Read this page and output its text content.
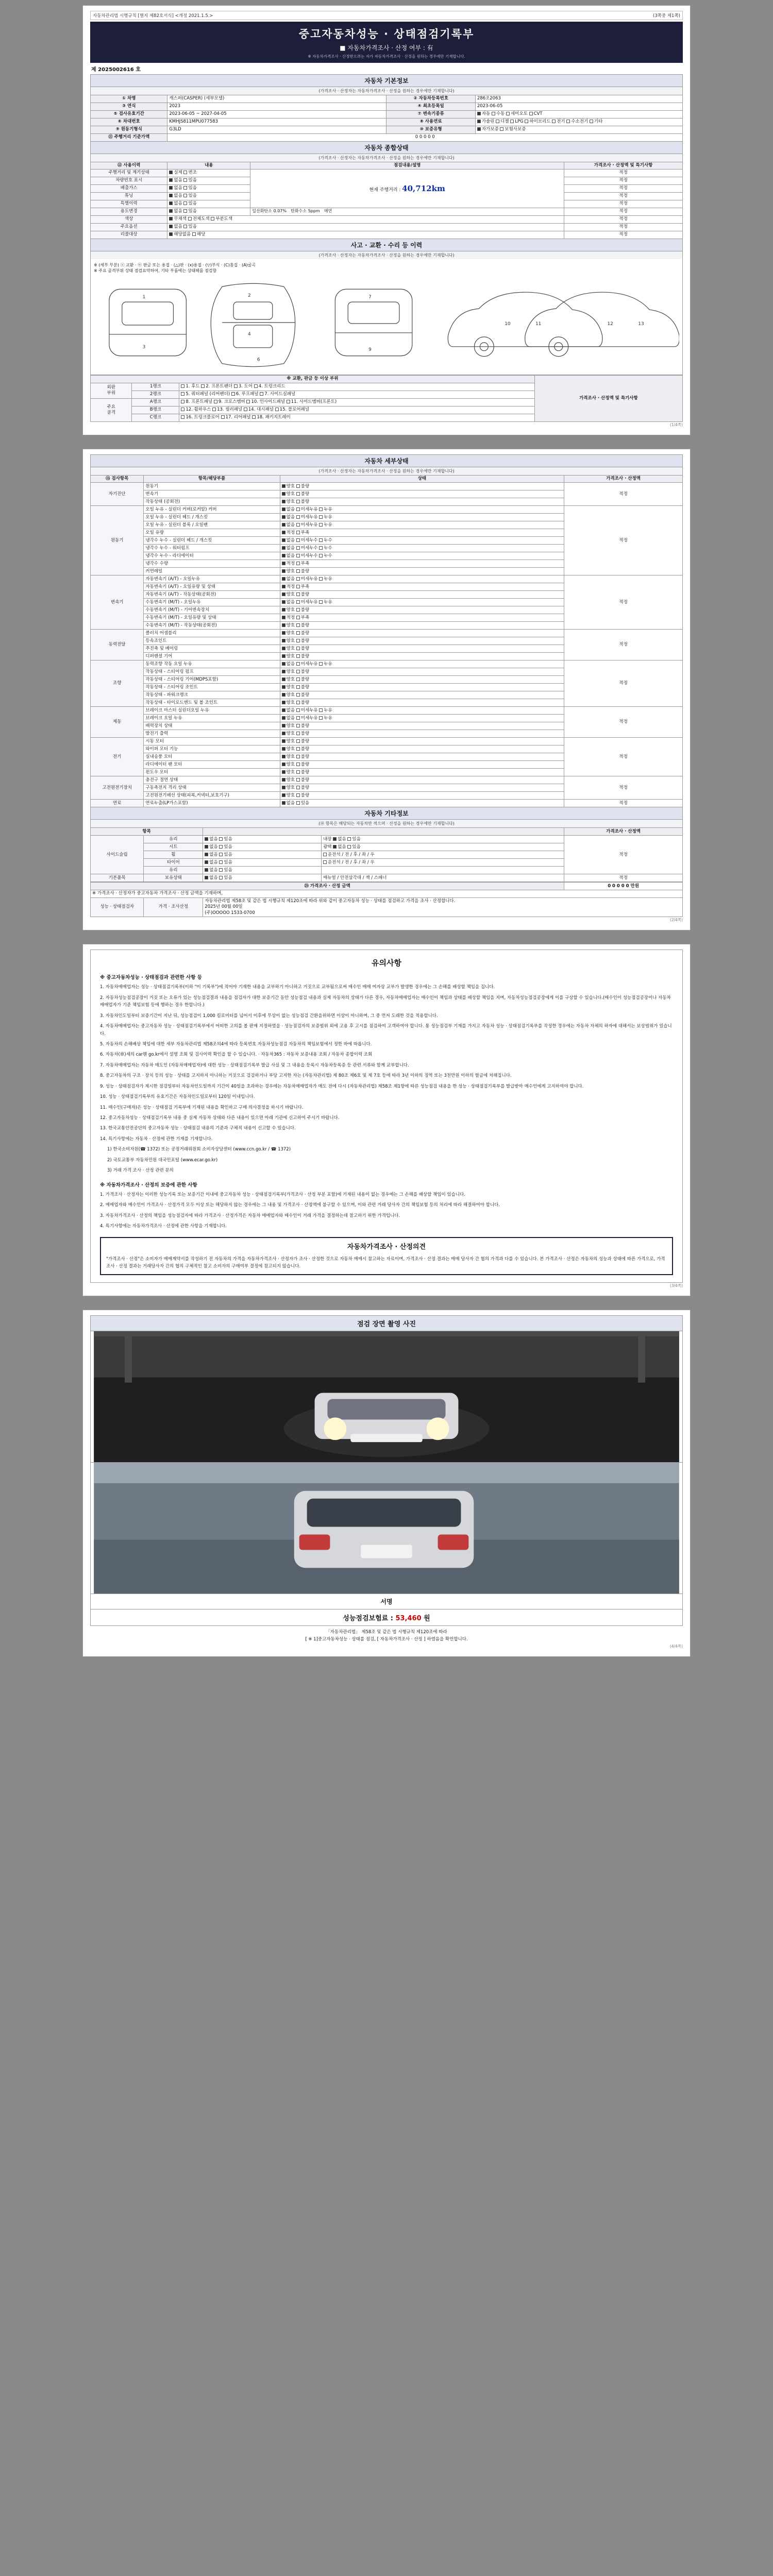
자동차관리법 시행규칙 [별지 제82호서식] <개정 2021.1.5.>	(3쪽중 제1쪽)
중고자동차성능 · 상태점검기록부
■ 자동차가격조사 · 산정 여부 : 有
※ 자동차가격조사 · 산정받으려는 자가 자동차가격조사 · 산정을 원하는 경우에만 기재합니다.
제 2025002616 호
자동차 기본정보
(가격조사 · 산정자는 자동차가격조사 · 산정을 원하는 경우에만 기재합니다)
① 차명	캐스퍼(CASPER) (세부모델)	② 자동차등록번호	286조2063
③ 연식	2023	④ 최초등록일	2023-06-05
⑤ 검사유효기간	2023-06-05 ~ 2027-04-05	⑦ 변속기종류	자동 수동 세미오토 CVT
⑥ 차대번호	KMHJS811MPU077583	⑧ 사용연료	가솔린 디젤 LPG 하이브리드 전기 수소전기 기타
⑨ 원동기형식	G3LD	⑩ 보증유형	자가보증 보험사보증
⑪ 주행거리 기준가액	0 0 0 0 0		
자동차 종합상태
(가격조사 · 산정자는 자동차가격조사 · 산정을 원하는 경우에만 기재합니다)
⑫ 사용이력	내용	점검내용/설명	가격조사 · 산정액 및 특기사항
주행거리 및 계기상태	실제 변조	현재 주행거리 : 40,712km	적정
차량번호 표시	없음 있음		적정
배출가스	없음 있음		적정
튜닝	없음 있음		적정
특별이력	없음 있음		적정
용도변경	없음 있음	일산화탄소 0.07% 탄화수소 5ppm 매연	적정
색상	무채색 전체도색 부분도색		적정
주요옵션	없음 있음		적정
리콜대상	해당없음 해당		적정
사고 · 교환 · 수리 등 이력
(가격조사 · 산정자는 자동차가격조사 · 산정을 원하는 경우에만 기재합니다)
※ (세부 부분) ⓧ 교환 · ⓦ 판금 또는 용접 · (△)판 · (x)용접 · (▽)부식 · (C)흠집 · (A)굴곡
※ 주요 골격부위 상태 점검요약하여, 기타 부품에는 상태해를 점검함
1
3
2
4
6
7
9
10	11	12	13
※ 교환, 판금 등 이상 부위			가격조사 · 산정액 및 특기사항
외판
부위	1랭크	1. 후드 2. 프론트팬더 3. 도어 4. 트렁크리드	
	2랭크	5. 쿼터패널 (리어팬더) 6. 루프패널 7. 사이드실패널	
주요
골격	A랭크	8. 프론트패널 9. 크로스멤버 10. 인사이드패널 11. 사이드멤버(프론트)	
	B랭크	12. 휠하우스 13. 필러패널 14. 대시패널 15. 플로어패널	
	C랭크	16. 트렁크플로어 17. 리어패널 18. 패키지트레이	
(1/4쪽)
자동차 세부상태
(가격조사 · 산정자는 자동차가격조사 · 산정을 원하는 경우에만 기재합니다)
⑬ 검사항목	항목/해당부품	상태	가격조사 · 산정액
자기진단	원동기	양호 불량	적정
	변속기	양호 불량	
	작동상태 (공회전)	양호 불량	
원동기	오일 누유 - 실린더 커버(로커암) 커버	없음 미세누유 누유	적정
	오일 누유 - 실린더 헤드 / 개스킷	없음 미세누유 누유	
	오일 누유 - 실린더 블록 / 오일팬	없음 미세누유 누유	
	오일 유량	적정 부족	
	냉각수 누수 - 실린더 헤드 / 개스킷	없음 미세누수 누수	
	냉각수 누수 - 워터펌프	없음 미세누수 누수	
	냉각수 누수 - 라디에이터	없음 미세누수 누수	
	냉각수 수량	적정 부족	
	커먼레일	양호 불량	
변속기	자동변속기 (A/T) - 오일누유	없음 미세누유 누유	적정
	자동변속기 (A/T) - 오일유량 및 상태	적정 부족	
	자동변속기 (A/T) - 작동상태(공회전)	양호 불량	
	수동변속기 (M/T) - 오일누유	없음 미세누유 누유	
	수동변속기 (M/T) - 기어변속장치	양호 불량	
	수동변속기 (M/T) - 오일유량 및 상태	적정 부족	
	수동변속기 (M/T) - 작동상태(공회전)	양호 불량	
동력전달	클러치 어셈블리	양호 불량	적정
	등속조인트	양호 불량	
	추진축 및 베어링	양호 불량	
	디퍼렌셜 기어	양호 불량	
조향	동력조향 작동 오일 누유	없음 미세누유 누유	적정
	작동상태 - 스티어링 펌프	양호 불량	
	작동상태 - 스티어링 기어(MDPS포함)	양호 불량	
	작동상태 - 스티어링 조인트	양호 불량	
	작동상태 - 파워크랭크	양호 불량	
	작동상태 - 타이로드엔드 및 볼 조인트	양호 불량	
제동	브레이크 마스터 실린더오일 누유	없음 미세누유 누유	적정
	브레이크 오일 누유	없음 미세누유 누유	
	배력장치 상태	양호 불량	
	발전기 출력	양호 불량	
전기	시동 모터	양호 불량	적정
	와이퍼 모터 기능	양호 불량	
	실내송풍 모터	양호 불량	
	라디에이터 팬 모터	양호 불량	
	윈도우 모터	양호 불량	
고전원전기장치	충전구 절연 상태	양호 불량	적정
	구동축전지 격리 상태	양호 불량	
	고전원전기배선 상태(피복,커넥터,보호기구)	양호 불량	
연료	연료누출(LP가스포함)	없음 있음	적정
자동차 기타정보
(⑭ 항목은 해당되는 자동차만 적으며 · 산정을 원하는 경우에만 기재합니다)
항목				가격조사 · 산정액
사이드슬립	유리	없음 있음	내장 없음 있음	적정
	시트	없음 있음	광택 없음 있음	
	휠	없음 있음	운전석 / 전 / 후 / 좌 / 우	
	타이어	없음 있음	운전석 / 전 / 후 / 좌 / 우	
	유리	없음 있음		
기본품목	보유상태	없음 있음	매뉴얼 / 안전삼각대 / 잭 / 스패너	적정
㉕ 가격조사 · 산정 금액			0 0 0 0 0 만원
※ 가격조사 · 산정자가 중고자동차 가격조사 · 산정 금액을 기재하며,			
성능 · 상태점검자	가격 · 조사산정	자동차관리법 제58조 및 같은 법 시행규칙 제120조에 따라 위와 같이 중고자동차 성능 · 상태를 점검하고 가격을 조사 · 산정합니다.
2025년 00월 00일
(주)OOOOO 1533-0700	
(2/4쪽)
유의사항
※ 중고자동차성능 · 상태점검과 관련한 사항 등

1. 자동차매매업자는 성능 · 상태점검기록부(이하 "이 기록부")에 적어야 기재한 내용을 교부하기 아니하고 거짓으로 교부됨으로써 매수인 매매 여자상 교부가 발생한 경우에는 그 손해를 배상할 책임을 집니다.

2. 자동차성능점검공장이 거짓 또는 오류가 있는 성능점검결과 내용을 점검자가 대한 보증기간 동안 성능점검 내용과 실제 자동차의 상태가 다른 경우, 자동차매매업자는 매수인이 책임과 상태를 배상할 책임을 지며, 자동차성능점검공장에게 이를 구상할 수 있습니다.(매수인이 성능점검공장이나 자동차매매업자가 기준 책임보험 등에 행하는 경우 한합니다.)

3. 자동차인도일부터 보증기간이 지난 뒤, 성능점검이 1,000 킬로미터를 넘어서 이후에 무상이 없는 성능점검 간환을위하면 이상이 아니하며, 그 중 먼저 도래한 것을 적용합니다.

4. 자동차매매업자는 중고자동차 성능 · 상태점검기록부에서 어떠한 고의를 볼 판매 지정하였을 · 성능점검자의 보증범위 외에 고용 후 고시를 점검하여 고객하여야 합니다. 통 성능점검부 기재를 가지고 자동차 성능 · 상태점검기록부를 작성한 경우에는 자동차 자체의 하자에 대해서는 보상범위가 있습니다.

5. 자동차의 손해배상 책임에 대한 세부 자동차관리법 제58조의4에 따라 등록번호 자동차성능점검 자동차의 책임보험에서 정한 바에 따릅니다.

6. 자동차(車)세의 car뭰 go.kr에서 설명 조회 및 검사이력 확인을 할 수 있습니다. · 자동차365 : 자동차 보증내용 조회 / 자동차 종합이력 조회

7. 자동차매매업자는 자동차 매도인 (자동차매매업자)에 대한 성능 · 상태점검기록부 발급 사실 및 그 내용을 등록시 자동차등록증 등 관련 서류와 함께 교부합니다.

8. 중고자동차의 구조 · 장치 등의 성능 · 상태를 고지하지 아니하는 거짓으로 검검하거나 부당 고지한 자는 (자동차관리법) 제 80조 제6호 및 제 7호 등에 따라 3년 이하의 징역 또는 3천만원 이하의 벌금에 처해집니다.

9. 성능 · 상태점검자가 제시한 점검일부터 자동차인도일까지 기간이 40일을 초과하는 경우에는 자동차매매업자가 매도 전에 다시 (자동차관리법) 제58조 제1항에 따른 성능점검 내용을 한 성능 · 상태점검기록부를 발급받아 매수인에게 고지하여야 합니다.

10. 성능 · 상태점검기록부의 유효기간은 자동차인도일로부터 120일 이내입니다.

11. 매수인(구매자)은 성능 · 상태점검 기록부에 기재된 내용을 확인하고 구매 의사결정을 하시기 바랍니다.

12. 중고자동차성능 · 상태점검기록부 내용 중 실제 자동차 상태와 다른 내용이 있으면 아래 기관에 신고하여 주시기 바랍니다.

13. 한국교통안전공단의 중고자동차 성능 · 상태점검 내용의 기준과 구체적 내용이 신고할 수 있습니다.

14. 특기사항에는 자동차 · 산정에 관한 기재를 기재합니다.

1) 한국소비자원(☎ 1372) 또는 공정거래위원회 소비자상담센터 (www.ccn.go.kr / ☎ 1372)

2) 국토교통부 자동차민원 대국민포털 (www.ecar.go.kr)

3) 거래 가격 조사 · 산정 관련 문의

※ 자동차가격조사 · 산정의 보증에 관한 사항

1. 가격조사 · 산정자는 이러한 성능기록 또는 보증기간 이내에 중고자동차 성능 · 상태점검기록부(가격조사 · 산정 부분 포함)에 기재된 내용이 없는 경우에는 그 손해를 배상할 책임이 있습니다.

2. 매매업자와 매수인이 가격조사 · 산정가격 모두 이상 또는 해당하지 않는 경우에는 그 내용 및 가격조사 · 산정액에 불구할 수 있으며, 이와 관련 거래 당사자 간의 책임보험 등의 처리에 따라 해결하여야 합니다.

3. 자동차가격조사 · 산정의 책임을 성능점검자에 따라 가격조사 · 산정가격은 자동차 매매업자와 매수인이 거래 가격을 결정하는데 참고하기 위한 가격입니다.

4. 특기사항에는 자동차가격조사 · 산정에 관한 사항을 기재합니다.

자동차가격조사 · 산정의견
"가격조사 · 산정"은 소비자가 매매계약서를 작성하기 전 자동차의 가격을 자동차가격조사 · 산정자가 조사 · 산정한 것으로 자동차 매매시 참고하는 자료이며, 가격조사 · 산정 결과는 매매 당사자 간 협의 가격과 다를 수 있습니다. 본 가격조사 · 산정은 자동차의 성능과 상태에 따른 가격으로, 가격조사 · 산정 결과는 거래당사자 간의 협의 구체적인 참고 소비자의 구매여부 결정에 참고되지 않습니다.
(3/4쪽)
점검 장면 촬영 사진
서명
성능점검보험료 : 53,460 원
「자동차관리법」 제58조 및 같은 법 시행규칙 제120조에 따라
[ ※ 1]중고자동차성능 · 상태를 점검, [ 자동차가격조사 · 산정 ] 하였음을 확인합니다.
(4/4쪽)
